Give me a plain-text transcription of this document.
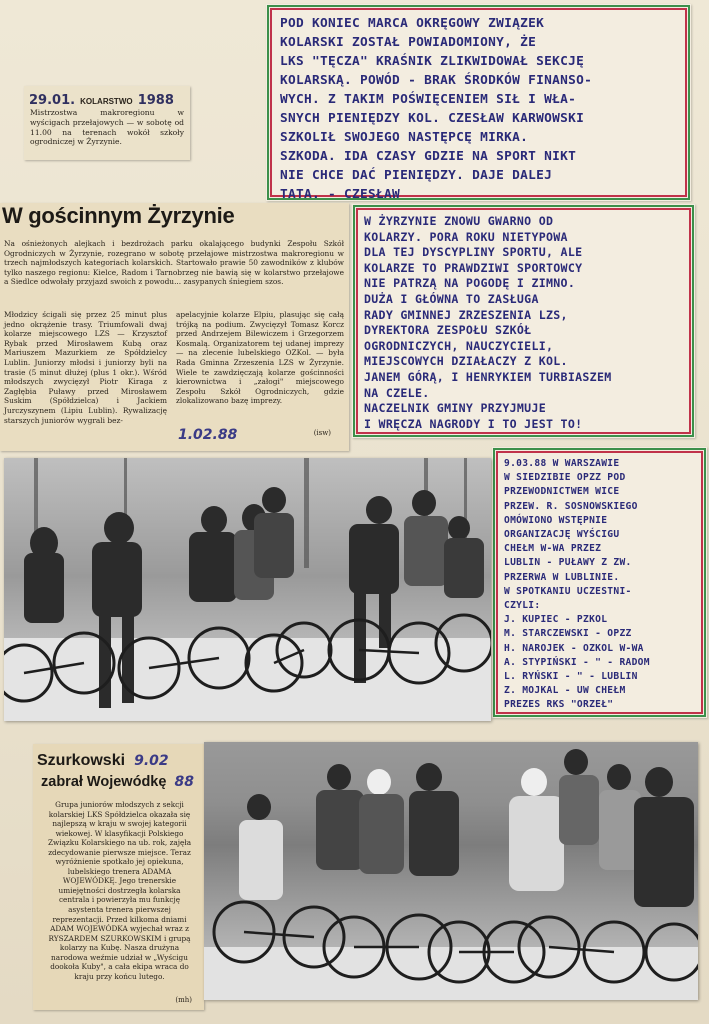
POD KONIEC MARCA OKRĘGOWY ZWIĄZEK
KOLARSKI ZOSTAŁ POWIADOMIONY, ŻE
LKS "TĘCZA" KRAŚNIK ZLIKWIDOWAŁ SEKCJĘ
KOLARSKĄ. POWÓD - BRAK ŚRODKÓW FINANSO-
WYCH. Z TAKIM POŚWIĘCENIEM SIŁ I WŁA-
SNYCH PIENIĘDZY KOL. CZESŁAW KARWOWSKI
SZKOLIŁ SWOJEGO NASTĘPCĘ MIRKA.
SZKODA. IDA CZASY GDZIE NA SPORT NIKT
NIE CHCE DAĆ PIENIĘDZY. DAJE DALEJ
TATA. - CZESŁAW
29.01. KOLARSTWO 1988
Mistrzostwa makroregionu w wyścigach przełajowych — w sobotę od 11.00 na terenach wokół szkoły ogrodniczej w Żyrzynie.
W gościnnym Żyrzynie
Na ośnieżonych alejkach i bezdrożach parku okalającego budynki Zespołu Szkół Ogrodniczych w Żyrzynie, rozegrano w sobotę przełajowe mistrzostwa makroregionu w trzech najmłodszych kategoriach kolarskich. Startowało prawie 50 zawodników z klubów tylko naszego regionu: Kielce, Radom i Tarnobrzeg nie bawią się w kolarstwo przełajowe a Siedlce odwołały przyjazd swoich z powodu... zasypanych śniegiem szos.
Młodzicy ścigali się przez 25 minut plus jedno okrążenie trasy. Triumfowali dwaj kolarze miejscowego LZS — Krzysztof Rybak przed Mirosławem Kubą oraz Mariuszem Mazurkiem ze Spółdzielcy Lublin. Juniorzy młodsi i juniorzy byli na trasie (5 minut dłużej (plus 1 okr.). Wśród młodszych zwycięzył Piotr Kiraga z Zagłębia Puławy przed Mirosławem Suskim (Spółdzielca) i Jackiem Jurczyszynem (Lipiu Lublin). Rywalizację starszych juniorów wygrali bez-
apelacyjnie kolarze Elpiu, plasując się całą trójką na podium. Zwycięzył Tomasz Korcz przed Andrzejem Bilewiczem i Grzegorzem Kosmalą. Organizatorem tej udanej imprezy — na zlecenie lubelskiego OZKol. — była Rada Gminna Zrzeszenia LZS w Żyrzynie. Wiele te zawdzięczają kolarze gościnności kierownictwa i „załogi" miejscowego Zespołu Szkół Ogrodniczych, gdzie zlokalizowano bazę imprezy.
1.02.88	(isw)
W ŻYRZYNIE ZNOWU GWARNO OD
KOLARZY. PORA ROKU NIETYPOWA
DLA TEJ DYSCYPLINY SPORTU, ALE
KOLARZE TO PRAWDZIWI SPORTOWCY
NIE PATRZĄ NA POGODĘ I ZIMNO.
DUŻA I GŁÓWNA TO ZASŁUGA
RADY GMINNEJ ZRZESZENIA LZS,
DYREKTORA ZESPOŁU SZKÓŁ
OGRODNICZYCH, NAUCZYCIELI,
MIEJSCOWYCH DZIAŁACZY Z KOL.
JANEM GÓRĄ, I HENRYKIEM TURBIASZEM
NA CZELE.
NACZELNIK GMINY PRZYJMUJE
I WRĘCZA NAGRODY I TO JEST TO!
9.03.88 W WARSZAWIE
W SIEDZIBIE OPZZ POD
PRZEWODNICTWEM WICE
PRZEW. R. SOSNOWSKIEGO
OMÓWIONO WSTĘPNIE
ORGANIZACJĘ WYŚCIGU
CHEŁM W-WA PRZEZ
LUBLIN - PUŁAWY Z ZW.
PRZERWA W LUBLINIE.
W SPOTKANIU UCZESTNI-
CZYLI:
J. KUPIEC - PZKOL
M. STARCZEWSKI - OPZZ
H. NAROJEK - OZKOL W-WA
A. STYPIŃSKI - " - RADOM
L. RYŃSKI - " - LUBLIN
Z. MOJKAL - UW CHEŁM
PREZES RKS "ORZEŁ"
Szurkowski 9.02
zabrał Wojewódkę 88
Grupa juniorów młodszych z sekcji kolarskiej LKS Spółdzielca okazała się najlepszą w kraju w swojej kategorii wiekowej. W klasyfikacji Polskiego Związku Kolarskiego na ub. rok, zajęła zdecydowanie pierwsze miejsce. Teraz wyróżnienie spotkało jej opiekuna, lubelskiego trenera ADAMA WOJEWÓDKĘ. Jego trenerskie umiejętności dostrzegła kolarska centrala i powierzyła mu funkcję asystenta trenera pierwszej reprezentacji. Przed kilkoma dniami ADAM WOJEWÓDKA wyjechał wraz z RYSZARDEM SZURKOWSKIM i grupą kolarzy na Kubę. Nasza drużyna narodowa weźmie udział w „Wyścigu dookoła Kuby", a cała ekipa wraca do kraju przy końcu lutego.
(mh)
